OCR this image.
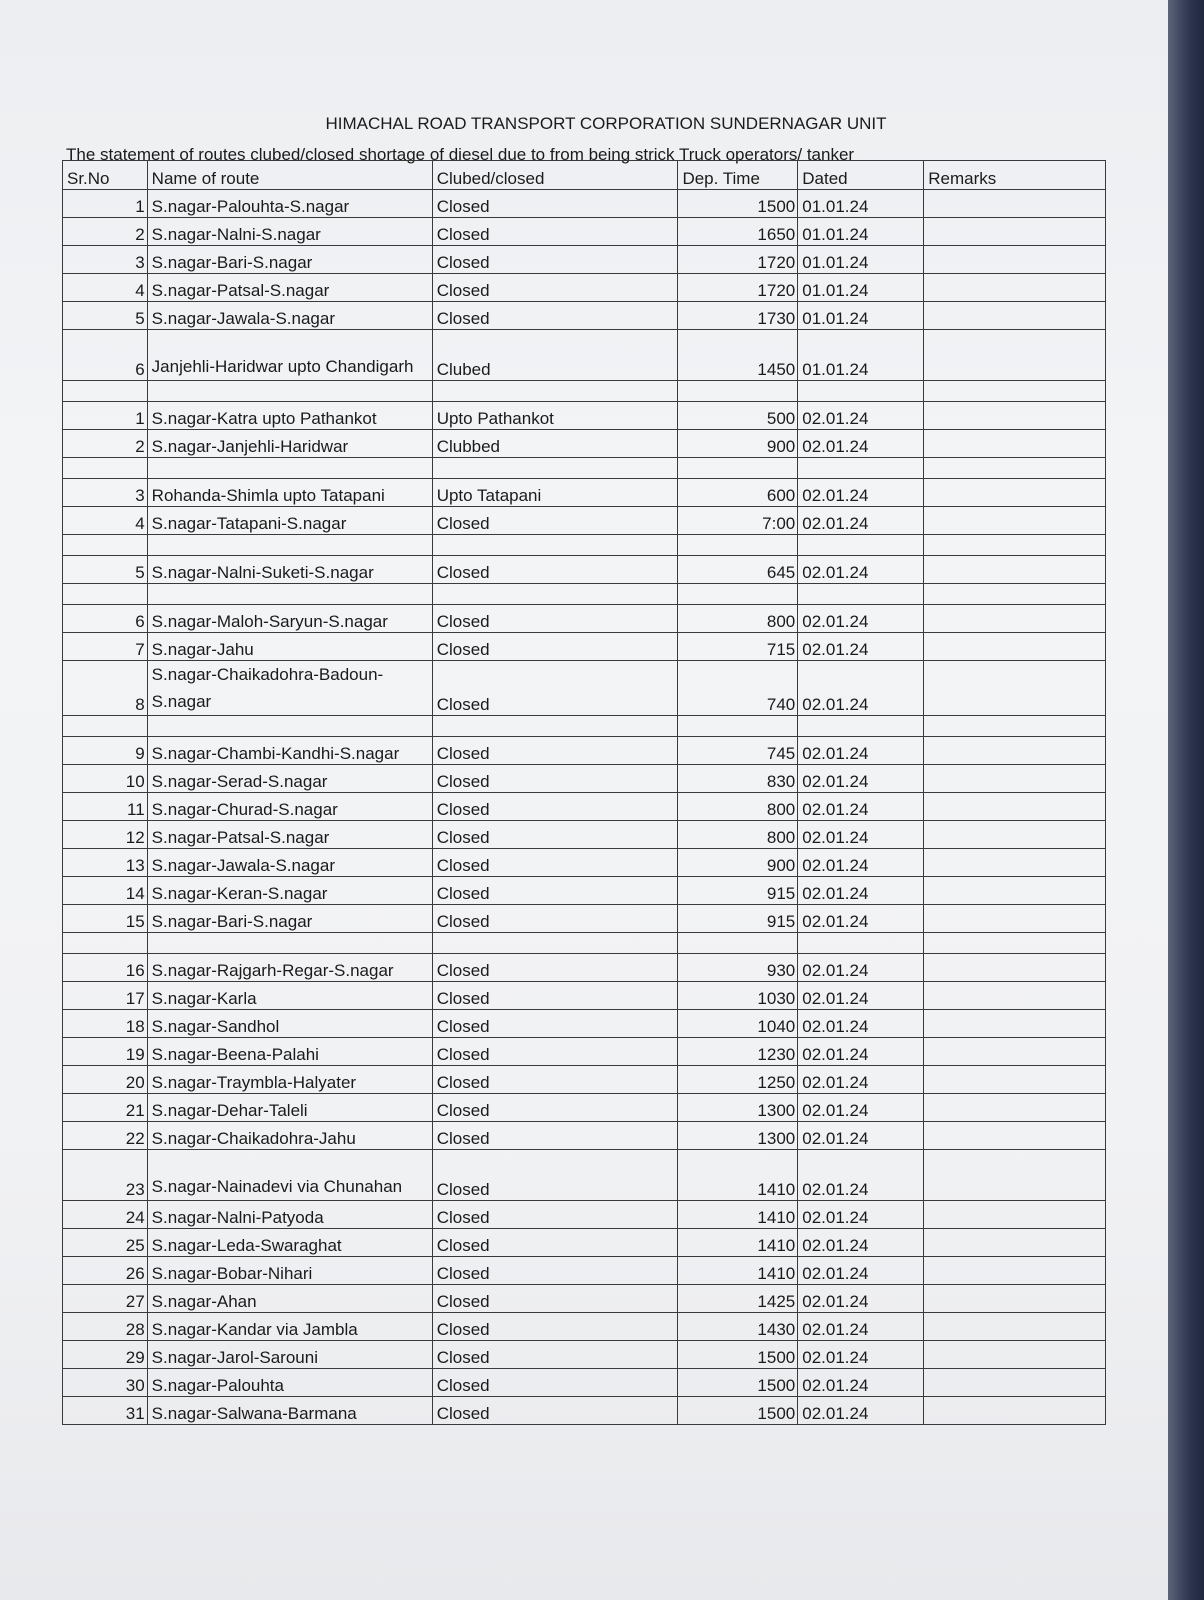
HIMACHAL ROAD TRANSPORT CORPORATION SUNDERNAGAR UNIT
The statement of routes clubed/closed shortage of diesel due to from being strick Truck operators/ tanker
Sr.No	Name of route	Clubed/closed	Dep. Time	Dated	Remarks
1	S.nagar-Palouhta-S.nagar	Closed	1500	01.01.24	
2	S.nagar-Nalni-S.nagar	Closed	1650	01.01.24	
3	S.nagar-Bari-S.nagar	Closed	1720	01.01.24	
4	S.nagar-Patsal-S.nagar	Closed	1720	01.01.24	
5	S.nagar-Jawala-S.nagar	Closed	1730	01.01.24	
6	Janjehli-Haridwar upto Chandigarh	Clubed	1450	01.01.24	

1	S.nagar-Katra upto Pathankot	Upto Pathankot	500	02.01.24	
2	S.nagar-Janjehli-Haridwar	Clubbed	900	02.01.24	

3	Rohanda-Shimla upto Tatapani	Upto Tatapani	600	02.01.24	
4	S.nagar-Tatapani-S.nagar	Closed	7:00	02.01.24	

5	S.nagar-Nalni-Suketi-S.nagar	Closed	645	02.01.24	

6	S.nagar-Maloh-Saryun-S.nagar	Closed	800	02.01.24	
7	S.nagar-Jahu	Closed	715	02.01.24	
8	S.nagar-Chaikadohra-Badoun-S.nagar	Closed	740	02.01.24	

9	S.nagar-Chambi-Kandhi-S.nagar	Closed	745	02.01.24	
10	S.nagar-Serad-S.nagar	Closed	830	02.01.24	
11	S.nagar-Churad-S.nagar	Closed	800	02.01.24	
12	S.nagar-Patsal-S.nagar	Closed	800	02.01.24	
13	S.nagar-Jawala-S.nagar	Closed	900	02.01.24	
14	S.nagar-Keran-S.nagar	Closed	915	02.01.24	
15	S.nagar-Bari-S.nagar	Closed	915	02.01.24	

16	S.nagar-Rajgarh-Regar-S.nagar	Closed	930	02.01.24	
17	S.nagar-Karla	Closed	1030	02.01.24	
18	S.nagar-Sandhol	Closed	1040	02.01.24	
19	S.nagar-Beena-Palahi	Closed	1230	02.01.24	
20	S.nagar-Traymbla-Halyater	Closed	1250	02.01.24	
21	S.nagar-Dehar-Taleli	Closed	1300	02.01.24	
22	S.nagar-Chaikadohra-Jahu	Closed	1300	02.01.24	
23	S.nagar-Nainadevi via Chunahan	Closed	1410	02.01.24	
24	S.nagar-Nalni-Patyoda	Closed	1410	02.01.24	
25	S.nagar-Leda-Swaraghat	Closed	1410	02.01.24	
26	S.nagar-Bobar-Nihari	Closed	1410	02.01.24	
27	S.nagar-Ahan	Closed	1425	02.01.24	
28	S.nagar-Kandar via Jambla	Closed	1430	02.01.24	
29	S.nagar-Jarol-Sarouni	Closed	1500	02.01.24	
30	S.nagar-Palouhta	Closed	1500	02.01.24	
31	S.nagar-Salwana-Barmana	Closed	1500	02.01.24	
